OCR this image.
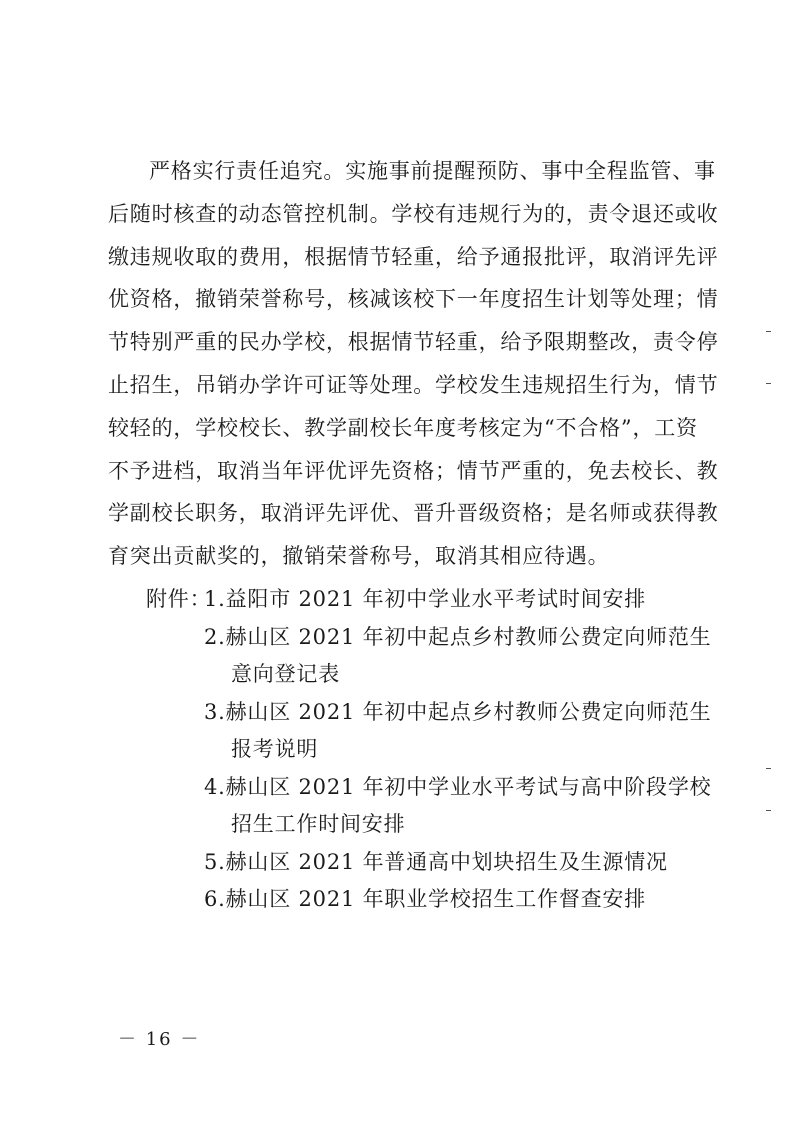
严格实行责任追究。实施事前提醒预防、事中全程监管、事
后随时核查的动态管控机制。学校有违规行为的，责令退还或收
缴违规收取的费用，根据情节轻重，给予通报批评，取消评先评
优资格，撤销荣誉称号，核减该校下一年度招生计划等处理；情
节特别严重的民办学校，根据情节轻重，给予限期整改，责令停
止招生，吊销办学许可证等处理。学校发生违规招生行为，情节
较轻的，学校校长、教学副校长年度考核定为“不合格”，工资
不予进档，取消当年评优评先资格；情节严重的，免去校长、教
学副校长职务，取消评先评优、晋升晋级资格；是名师或获得教
育突出贡献奖的，撤销荣誉称号，取消其相应待遇。
附件：
1.益阳市 2021 年初中学业水平考试时间安排
2.赫山区 2021 年初中起点乡村教师公费定向师范生
意向登记表
3.赫山区 2021 年初中起点乡村教师公费定向师范生
报考说明
4.赫山区 2021 年初中学业水平考试与高中阶段学校
招生工作时间安排
5.赫山区 2021 年普通高中划块招生及生源情况
6.赫山区 2021 年职业学校招生工作督查安排
－ 16 －
